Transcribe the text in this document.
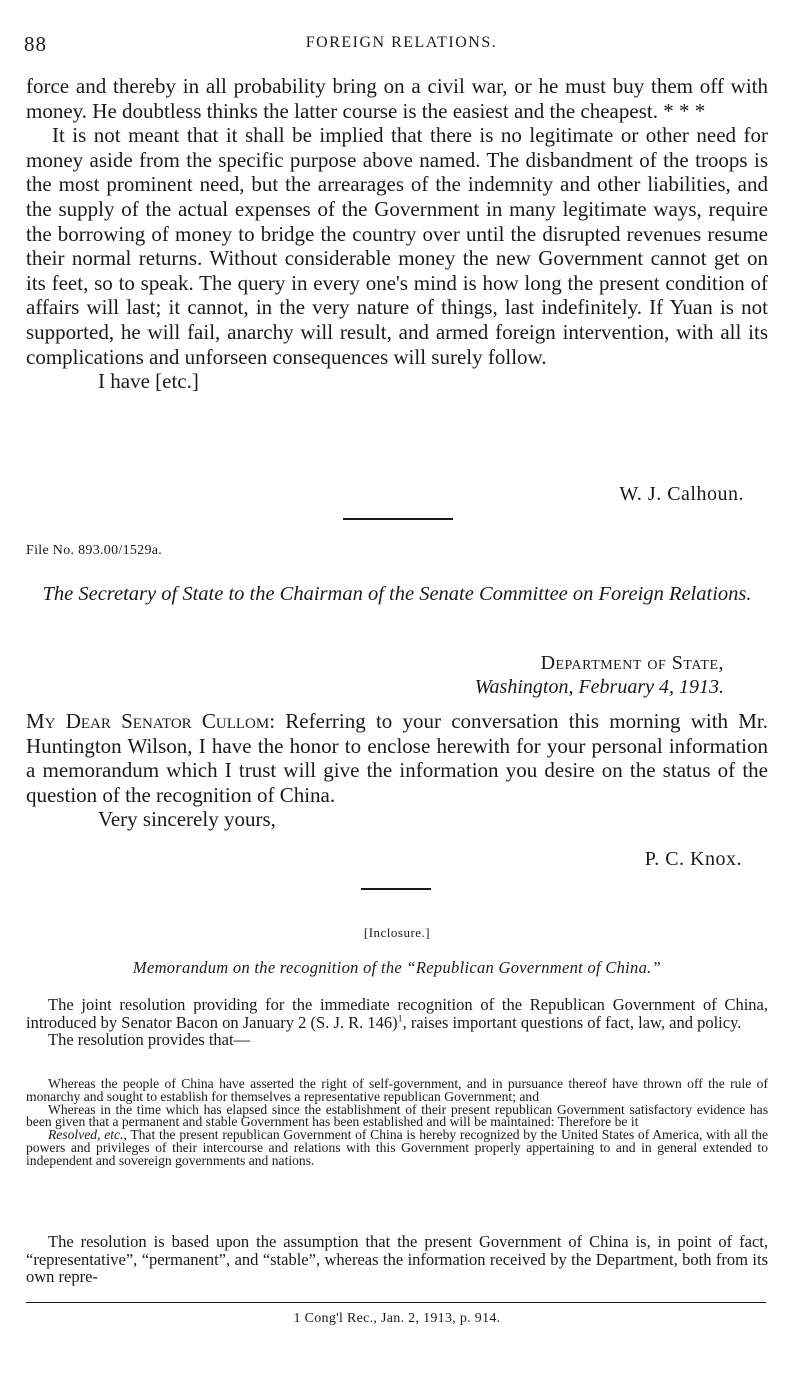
88	FOREIGN RELATIONS.

force and thereby in all probability bring on a civil war, or he must buy them off with money. He doubtless thinks the latter course is the easiest and the cheapest. * * *

It is not meant that it shall be implied that there is no legitimate or other need for money aside from the specific purpose above named. The disbandment of the troops is the most prominent need, but the arrearages of the indemnity and other liabilities, and the supply of the actual expenses of the Government in many legitimate ways, require the borrowing of money to bridge the country over until the disrupted revenues resume their normal returns. Without considerable money the new Government cannot get on its feet, so to speak. The query in every one's mind is how long the present condition of affairs will last; it cannot, in the very nature of things, last indefinitely. If Yuan is not supported, he will fail, anarchy will result, and armed foreign intervention, with all its complications and unforseen consequences will surely follow.

I have [etc.]

W. J. Calhoun.
File No. 893.00/1529a.
The Secretary of State to the Chairman of the Senate Committee on Foreign Relations.
Department of State,
Washington, February 4, 1913.

My Dear Senator Cullom: Referring to your conversation this morning with Mr. Huntington Wilson, I have the honor to enclose herewith for your personal information a memorandum which I trust will give the information you desire on the status of the question of the recognition of China.

Very sincerely yours,

P. C. Knox.
[Inclosure.]
Memorandum on the recognition of the “Republican Government of China.”

The joint resolution providing for the immediate recognition of the Republican Government of China, introduced by Senator Bacon on January 2 (S. J. R. 146)$^1$, raises important questions of fact, law, and policy.

The resolution provides that—

Whereas the people of China have asserted the right of self-government, and in pursuance thereof have thrown off the rule of monarchy and sought to establish for themselves a representative republican Government; and

Whereas in the time which has elapsed since the establishment of their present republican Government satisfactory evidence has been given that a permanent and stable Government has been established and will be maintained: Therefore be it

Resolved, etc., That the present republican Government of China is hereby recognized by the United States of America, with all the powers and privileges of their intercourse and relations with this Government properly appertaining to and in general extended to independent and sovereign governments and nations.

The resolution is based upon the assumption that the present Government of China is, in point of fact, “representative”, “permanent”, and “stable”, whereas the information received by the Department, both from its own repre-

1 Cong'l Rec., Jan. 2, 1913, p. 914.
